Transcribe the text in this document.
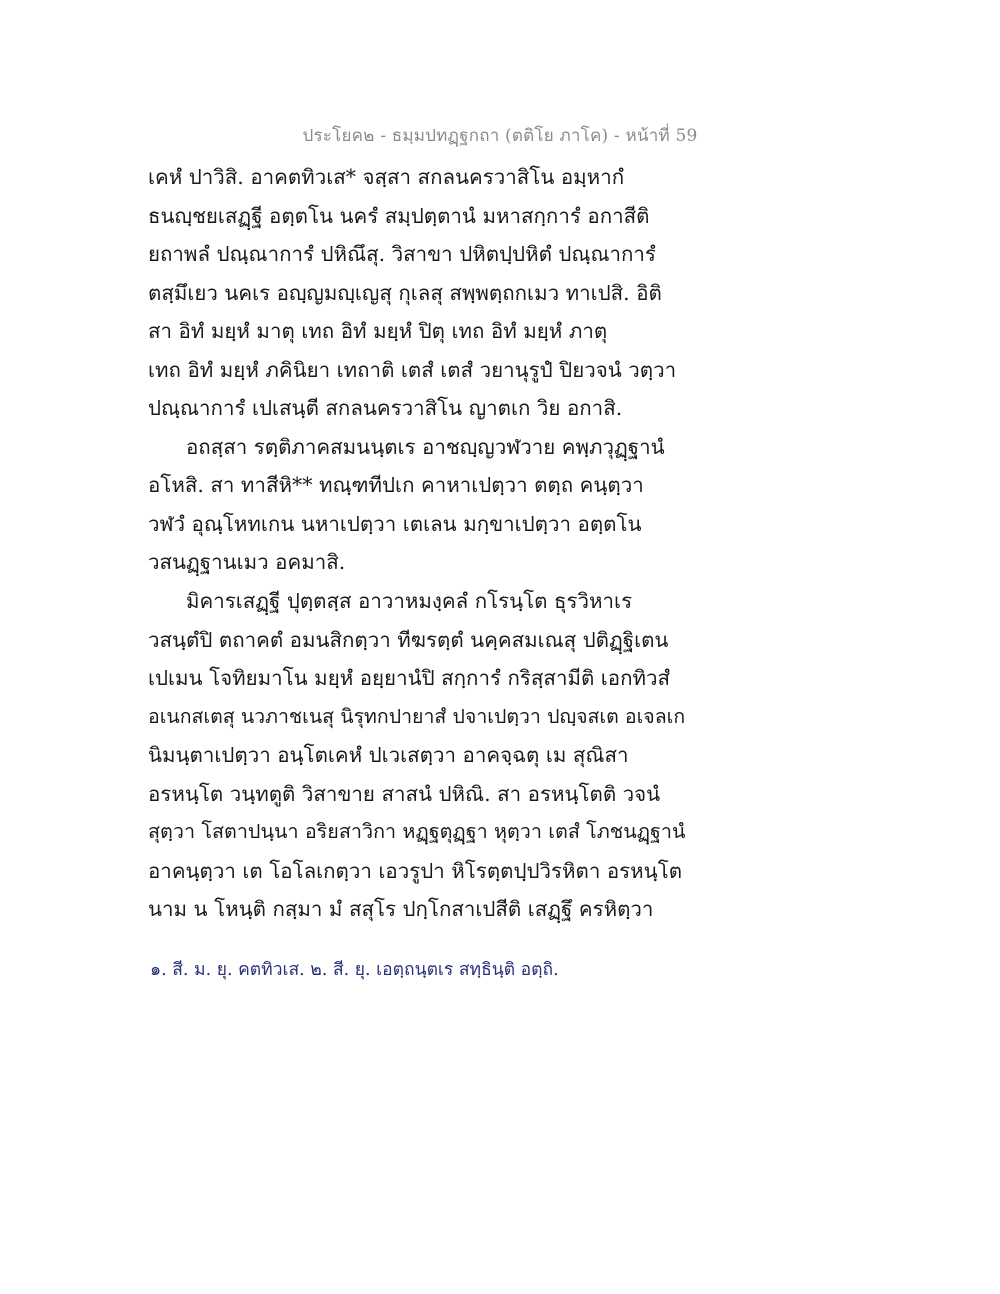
ประโยค๒ - ธมฺมปทฏฺฐกถา (ตติโย ภาโค) - หน้าที่ 59
เคหํ ปาวิสิ. อาคตทิวเส* จสฺสา สกลนครวาสิโน อมฺหากํ
ธนญฺชยเสฏฺฐี อตฺตโน นครํ สมฺปตฺตานํ มหาสกฺการํ อกาสีติ
ยถาพลํ ปณฺณาการํ ปหิณึสุ. วิสาขา ปหิตปฺปหิตํ ปณฺณาการํ
ตสฺมึเยว นคเร อญฺญมญฺเญสุ กุเลสุ สพฺพตฺถกเมว ทาเปสิ. อิติ
สา อิทํ มยฺหํ มาตุ เทถ อิทํ มยฺหํ ปิตุ เทถ อิทํ มยฺหํ ภาตุ
เทถ อิทํ มยฺหํ ภคินิยา เทถาติ เตสํ เตสํ วยานุรูปํ ปิยวจนํ วตฺวา
ปณฺณาการํ เปเสนฺตี สกลนครวาสิโน ญาตเก วิย อกาสิ.
อถสฺสา รตฺติภาคสมนนฺตเร อาชญฺญวฬวาย คพฺภวุฏฺฐานํ
อโหสิ. สา ทาสีหิ** ทณฺฑทีปเก คาหาเปตฺวา ตตฺถ คนฺตฺวา
วฬวํ อุณฺโหทเกน นหาเปตฺวา เตเลน มกฺขาเปตฺวา อตฺตโน
วสนฏฺฐานเมว อคมาสิ.
มิคารเสฏฺฐี ปุตฺตสฺส อาวาหมงฺคลํ กโรนฺโต ธุรวิหาเร
วสนฺตํปิ ตถาคตํ อมนสิกตฺวา ทีฆรตฺตํ นคฺคสมเณสุ ปติฏฺฐิเตน
เปเมน โจทิยมาโน มยฺหํ อยฺยานํปิ สกฺการํ กริสฺสามีติ เอกทิวสํ
อเนกสเตสุ นวภาชเนสุ นิรุทกปายาสํ ปจาเปตฺวา ปญฺจสเต อเจลเก
นิมนฺตาเปตฺวา อนฺโตเคหํ ปเวเสตฺวา อาคจฺฉตุ เม สุณิสา
อรหนฺโต วนฺทตูติ วิสาขาย สาสนํ ปหิณิ. สา อรหนฺโตติ วจนํ
สุตฺวา โสตาปนฺนา อริยสาวิกา หฏฺฐตุฏฺฐา หุตฺวา เตสํ โภชนฏฺฐานํ
อาคนฺตฺวา เต โอโลเกตฺวา เอวรูปา หิโรตฺตปฺปวิรหิตา อรหนฺโต
นาม น โหนฺติ กสฺมา มํ สสุโร ปกฺโกสาเปสีติ เสฏฺฐึ ครหิตฺวา
๑. สี. ม. ยุ. คตทิวเส. ๒. สี. ยุ. เอตฺถนฺตเร สทฺธินฺติ อตฺถิ.
